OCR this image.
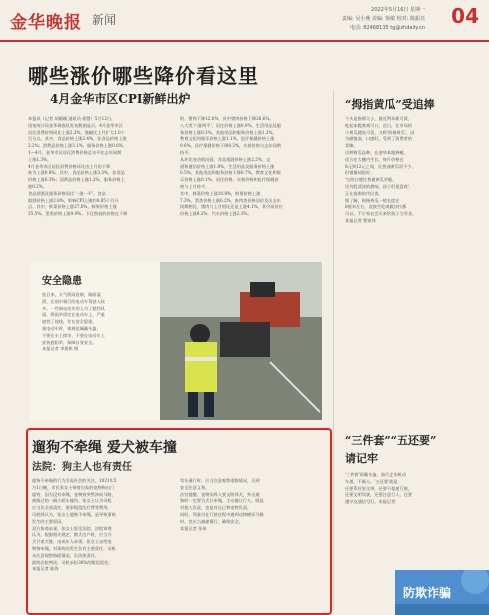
金华晚报 新闻
2022年5月16日 星期一
责编: 吴小燕 美编: 徐敏 校对: 陈振亮
电话: 82468135 tg@zhdaily.cn 04
哪些涨价哪些降价看这里
4月金华市区CPI新鲜出炉
本报讯（记者 胡珊珊 通讯员 徐慧）5月12日，
国家统计局金华调查队发布数据显示，4月金华市区
居民消费价格同比上涨2.2%，涨幅比上月扩大1.0个
百分点。其中，食品价格上涨2.4%，非食品价格上涨
2.2%；消费品价格上涨3.1%，服务价格上涨0.8%。
1—4月，金华市区居民消费价格总水平比去年同期
上涨1.3%。
4月金华市区居民消费价格环比由上月的下降
转为上涨0.8%。其中，食品价格上涨3.3%，非食品
价格上涨0.3%；消费品价格上涨1.2%，服务价格上
涨0.2%。
食品烟酒及服务价格同比'一涨一平'。食品
烟酒价格上涨2.8%，影响CPI上涨约0.85个百分
点。其中，鲜菜价格上涨27.6%，鲜果价格上涨
25.5%，蛋类价格上涨9.9%。下过图表的价格在下降
的，猪肉下降12.0%，其中猪肉价格下降26.6%。
八大类'六涨两平'。居住价格上涨0.9%，生活用品及服
务价格上涨0.3%，其他用品和服务价格上涨1.2%。
教育文化和娱乐价格上涨1.1%，医疗保健价格上涨
0.6%。医疗保健价格下降0.2%，衣着价格与去年同期
持平。
从环比变动情况看，食品烟酒价格上涨2.2%，交
通和通信价格上涨1.8%，生活用品及服务价格上涨
0.5%，其他用品和服务价格下降0.7%，教育文化和娱
乐价格上涨0.1%，居住价格、衣着价格和医疗保健价
格与上月持平。
其中，鲜菜价格上涨10.8%，鲜果价格上涨
7.3%，蛋类价格上涨6.2%，畜肉类价格居价及出去年
同期相比，猪肉与上月相比还是上涨4.1%，其中高价位
价格上涨8.2%，汽车价格上涨2.3%。
安全隐患
连日来，天气阴雨连绵，路面湿
滑，在雨中骑行的电动车驾驶人较
多。一些骑电动车的人为了遮挡风
雨，将雨伞固定在电动车上，严重
遮挡了视线，存在安全隐患。
骑电动车时，请规范佩戴头盔，
不要在车上撑伞，不要在电动车上
安装遮阳伞，保障自身安全。
本报记者 李建彬 摄
“拇指黄瓜”受追捧
个头是指那大小，最近两年新可爱，
吃起来脆爽爽可口，近日，在市场的
小黄瓜随处可见，又称'拇指黄瓜'，因
为颜值高，口感好，受到了消费者的
青睐。
这种黄瓜品种，在金华本地种植，
适合在大棚内生长。每斤价格在
8元到12元之间，比普通黄瓜贵不少，
但销量却很好。
'它的口感比普通黄瓜更脆，
还有股淡淡的甜味，孩子们很喜欢',
正在选购的市民说。
据了解，拇指黄瓜一般长度在
8厘米左右，直接生吃或做沙拉都
可以，不少家长会买来给孩子当零食。
本报记者 程家玮
“三件套”“五还要”
请记牢
'三件套'即戴头盔、骑行走非机动
车道、不载人。'五还要'就是：
还要系好安全带，还要不超速行驶，
还要文明驾驶，还要注意行人，还要
遵守交通信号灯。本报记者
遛狗不牵绳 爱犬被车撞
法院：狗主人也有责任
遛狗不牵绳的行为引起社会的关注。2021年5
月1日晚，市民张女士带着自家的宠物狗出门
遛弯，因为没有牵绳，宠物狗突然冲向马路，
被路过的一辆小轿车撞伤。张女士认为司机
应当负全部责任，要求赔偿医疗费等费用。
司机则认为，张女士遛狗不牵绳，是导致事故
发生的主要原因。
双方协商未果，张女士诉至法院。法院审理
认为，根据相关规定，携犬出户时，应当为
犬只束犬链，由成年人牵领。张女士未给宠
物狗牵绳，对事故的发生负有主要责任，司机
未注意观察路面情况，负次要责任。
最终法院判决，司机承担30%的赔偿责任。
本报记者 陈海
驾车通行时，应当注意观察道路情况，尽到
安全注意义务。
法官提醒，宠物饲养人要文明养犬，外出遛
狗时一定要为犬只牵绳，主动避让行人，既是
对他人负责，也是对自己和宠物负责。
同时，驾驶员在行驶过程中遇到动物横穿马路
时，也应当减速慢行，确保安全。
本报记者 张伟
防欺诈骗
